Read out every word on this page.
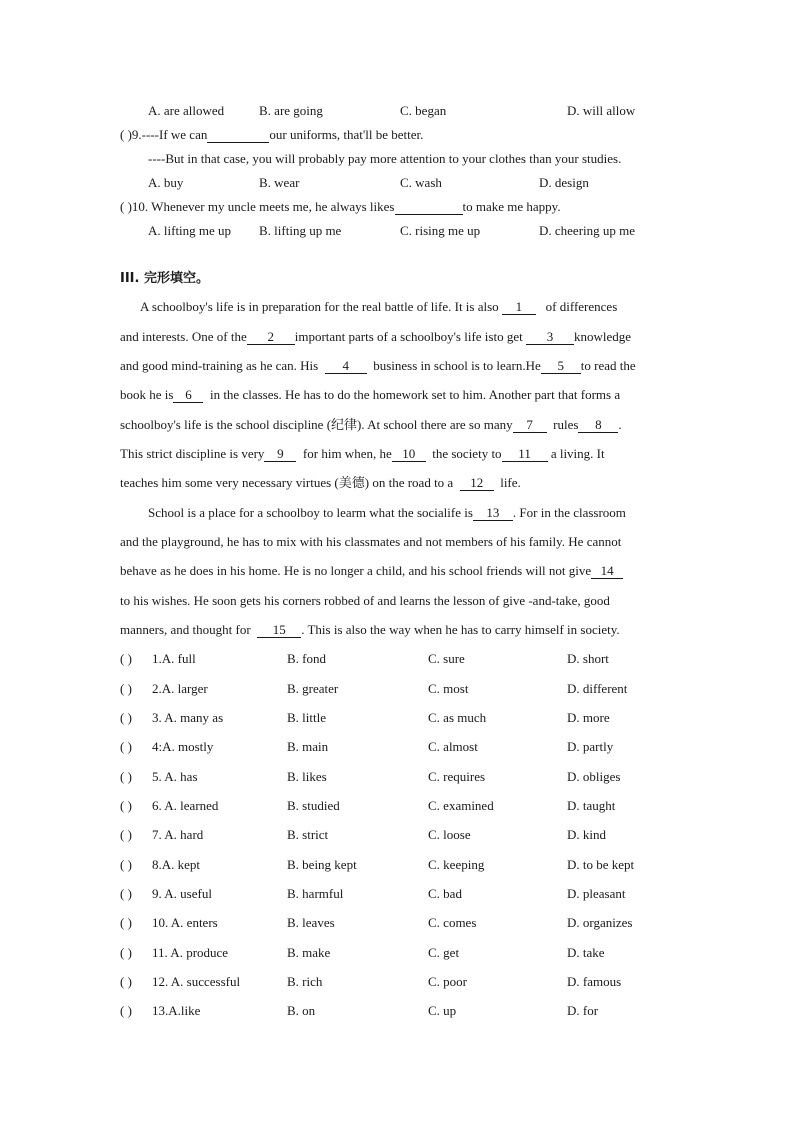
A. are allowed	B. are going	C. began	D. will allow
( )9.----If we can	our uniforms, that'll be better.
----But in that case, you will probably pay more attention to your clothes than your studies.
A. buy	B. wear	C. wash	D. design
( )10. Whenever my uncle meets me, he always likes	to make me happy.
A. lifting me up B. lifting up me	C. rising me up	D. cheering up me
III. 完形填空。
A schoolboy's life is in preparation for the real battle of life. It is also 1 of differences
and interests. One of the 2 important parts of a schoolboy's life isto get 3 knowledge
and good mind-training as he can. His 4 business in school is to learn.He 5 to read the
book he is 6 in the classes. He has to do the homework set to him. Another part that forms a
schoolboy's life is the school discipline (纪律). At school there are so many 7 rules 8 .
This strict discipline is very 9 for him when, he 10 the society to 11 a living. It
teaches him some very necessary virtues (美德) on the road to a 12 life.
School is a place for a schoolboy to learm what the socialife is 13 . For in the classroom
and the playground, he has to mix with his classmates and not members of his family. He cannot
behave as he does in his home. He is no longer a child, and his school friends will not give 14
to his wishes. He soon gets his corners robbed of and learns the lesson of give -and-take, good
manners, and thought for 15 . This is also the way when he has to carry himself in society.
( ) 1.A. full	B. fond	C. sure	D. short
( ) 2.A. larger	B. greater	C. most	D. different
( ) 3. A. many as	B. little	C. as much	D. more
( ) 4:A. mostly	B. main	C. almost	D. partly
( ) 5. A. has	B. likes	C. requires	D. obliges
( ) 6. A. learned	B. studied	C. examined	D. taught
( ) 7. A. hard	B. strict	C. loose	D. kind
( ) 8.A. kept	B. being kept	C. keeping	D. to be kept
( ) 9. A. useful	B. harmful	C. bad	D. pleasant
( ) 10. A. enters	B. leaves	C. comes	D. organizes
( ) 11. A. produce	B. make	C. get	D. take
( ) 12. A. successful	B. rich	C. poor	D. famous
( ) 13.A.like	B. on	C. up	D. for
